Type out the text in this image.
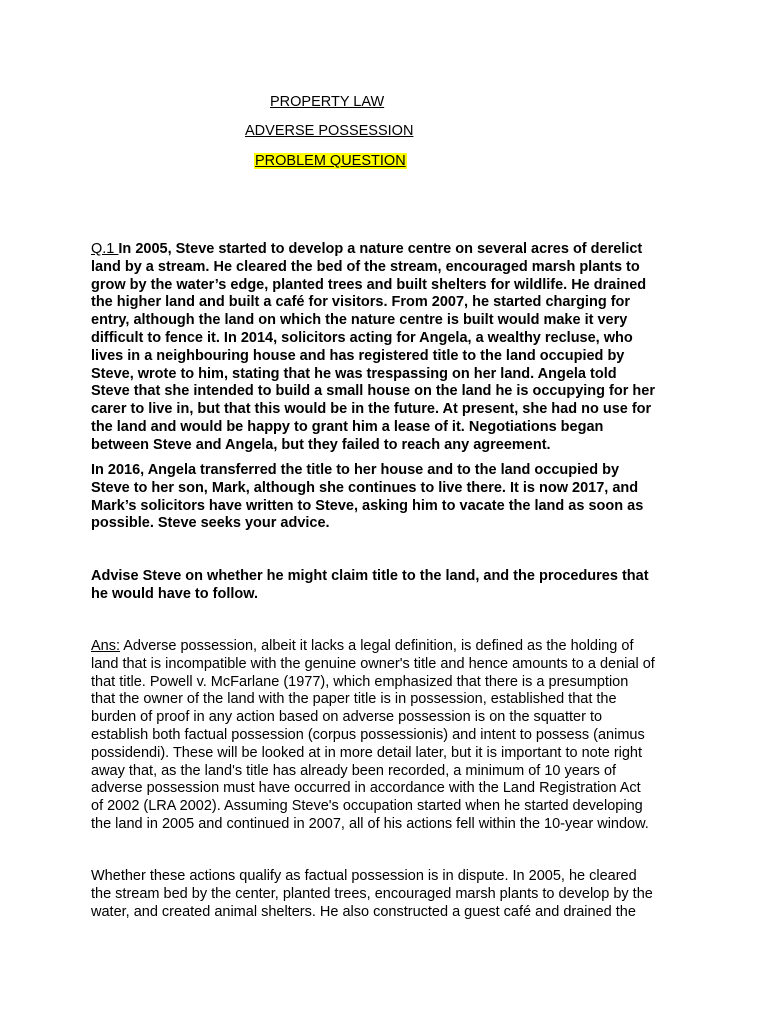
PROPERTY LAW
ADVERSE POSSESSION
PROBLEM QUESTION
Q.1 In 2005, Steve started to develop a nature centre on several acres of derelict
land by a stream. He cleared the bed of the stream, encouraged marsh plants to
grow by the water’s edge, planted trees and built shelters for wildlife. He drained
the higher land and built a café for visitors. From 2007, he started charging for
entry, although the land on which the nature centre is built would make it very
difficult to fence it. In 2014, solicitors acting for Angela, a wealthy recluse, who
lives in a neighbouring house and has registered title to the land occupied by
Steve, wrote to him, stating that he was trespassing on her land. Angela told
Steve that she intended to build a small house on the land he is occupying for her
carer to live in, but that this would be in the future. At present, she had no use for
the land and would be happy to grant him a lease of it. Negotiations began
between Steve and Angela, but they failed to reach any agreement.
In 2016, Angela transferred the title to her house and to the land occupied by
Steve to her son, Mark, although she continues to live there. It is now 2017, and
Mark’s solicitors have written to Steve, asking him to vacate the land as soon as
possible. Steve seeks your advice.
Advise Steve on whether he might claim title to the land, and the procedures that
he would have to follow.
Ans: Adverse possession, albeit it lacks a legal definition, is defined as the holding of
land that is incompatible with the genuine owner's title and hence amounts to a denial of
that title. Powell v. McFarlane (1977), which emphasized that there is a presumption
that the owner of the land with the paper title is in possession, established that the
burden of proof in any action based on adverse possession is on the squatter to
establish both factual possession (corpus possessionis) and intent to possess (animus
possidendi). These will be looked at in more detail later, but it is important to note right
away that, as the land's title has already been recorded, a minimum of 10 years of
adverse possession must have occurred in accordance with the Land Registration Act
of 2002 (LRA 2002). Assuming Steve's occupation started when he started developing
the land in 2005 and continued in 2007, all of his actions fell within the 10-year window.
Whether these actions qualify as factual possession is in dispute. In 2005, he cleared
the stream bed by the center, planted trees, encouraged marsh plants to develop by the
water, and created animal shelters. He also constructed a guest café and drained the
